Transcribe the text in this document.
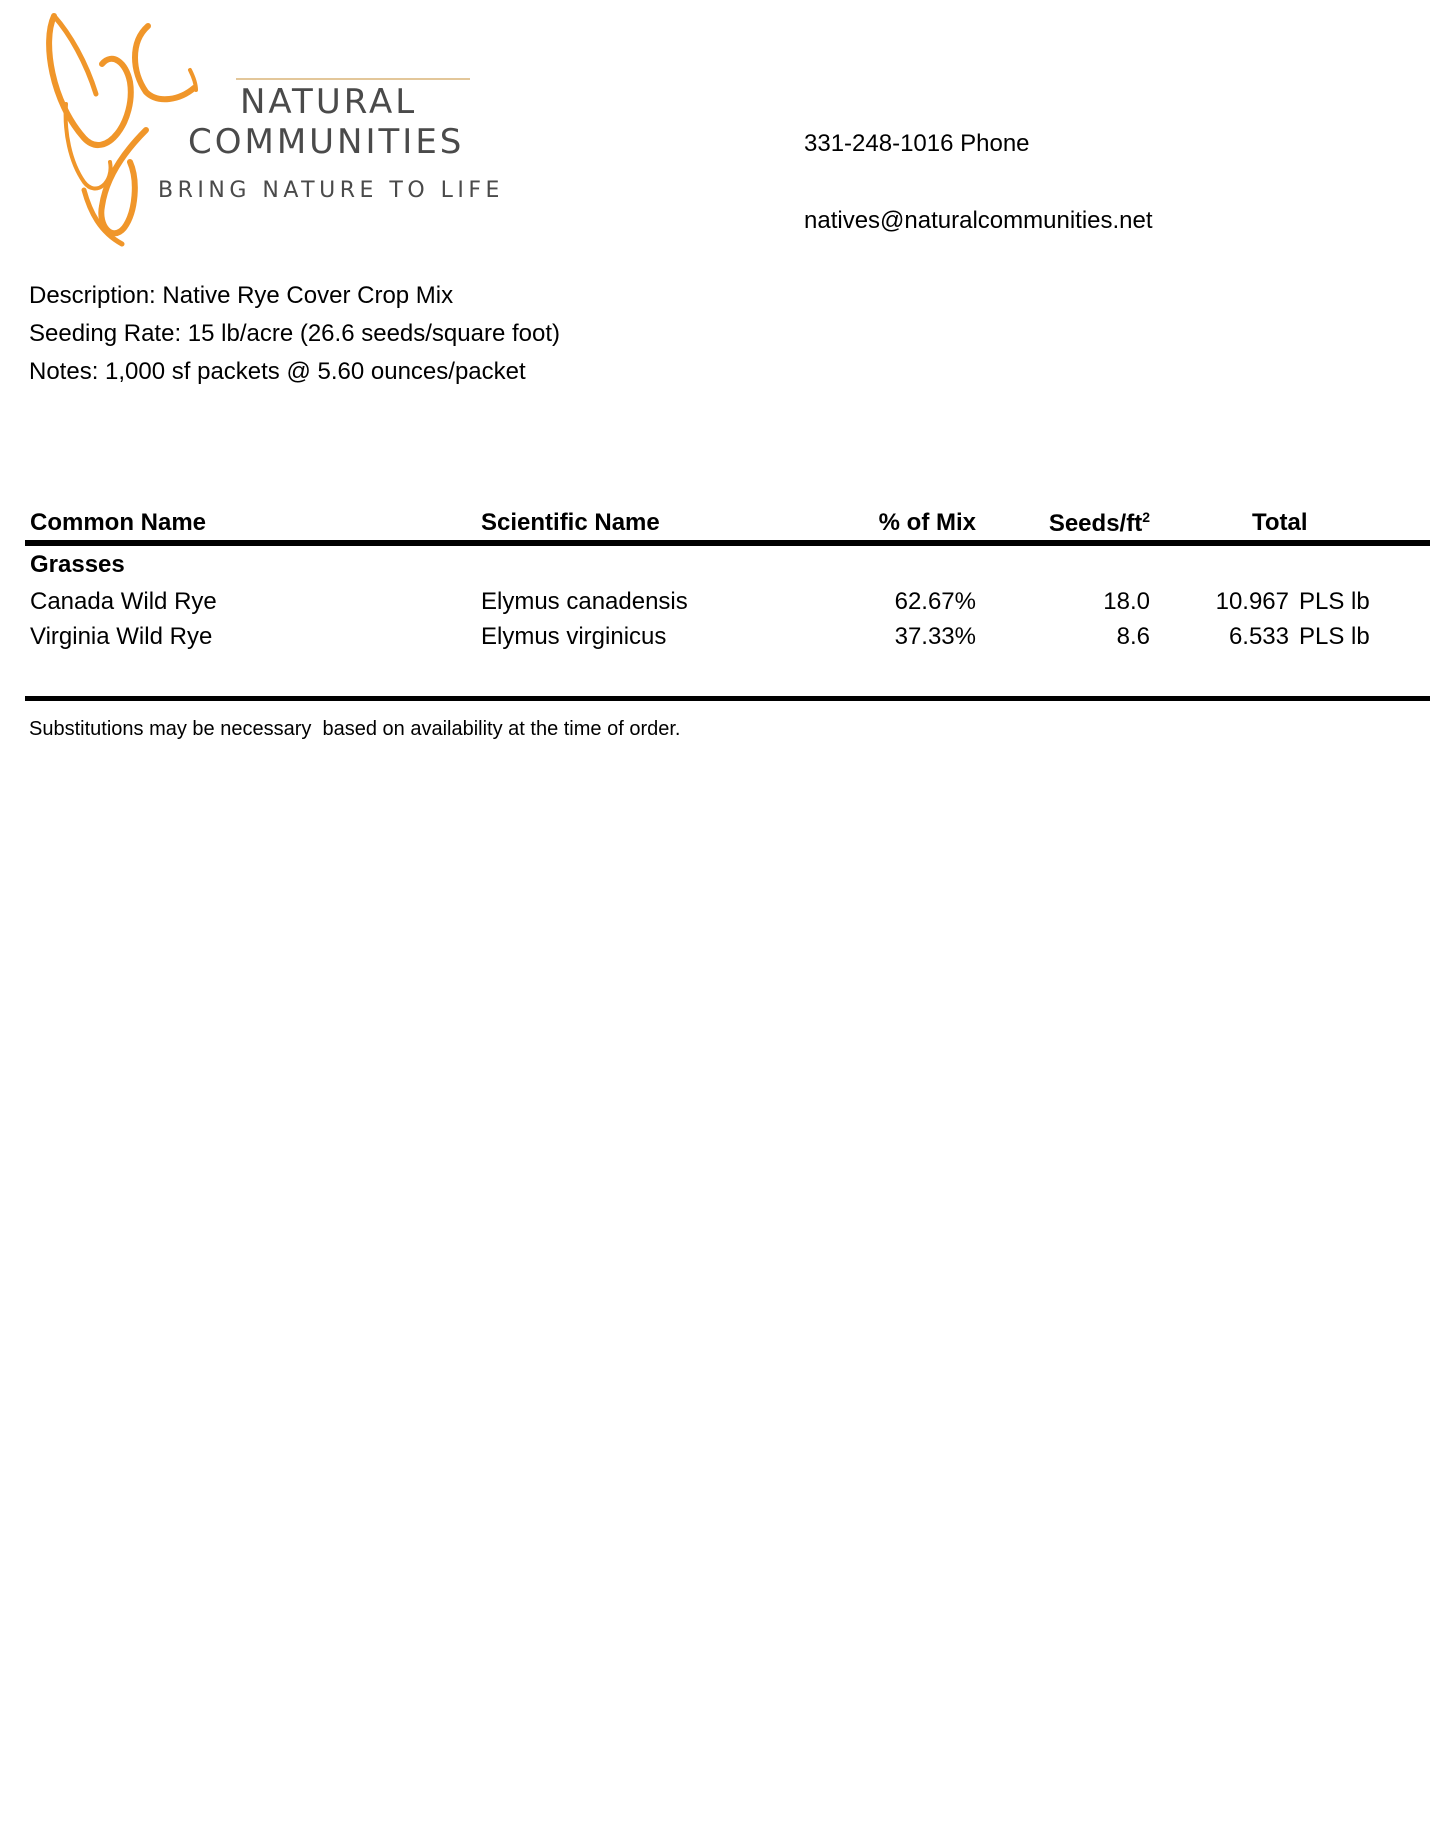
NATURAL
COMMUNITIES
BRING NATURE TO LIFE
331-248-1016 Phone
natives@naturalcommunities.net
Description: Native Rye Cover Crop Mix
Seeding Rate: 15 lb/acre (26.6 seeds/square foot)
Notes: 1,000 sf packets @ 5.60 ounces/packet
Common Name	Scientific Name	% of Mix	Seeds/$ft^2$	Total
Grasses
Canada Wild Rye	Elymus canadensis	62.67%	18.0	10.967 PLS lb
Virginia Wild Rye	Elymus virginicus	37.33%	8.6	6.533 PLS lb
Substitutions may be necessary  based on availability at the time of order.
